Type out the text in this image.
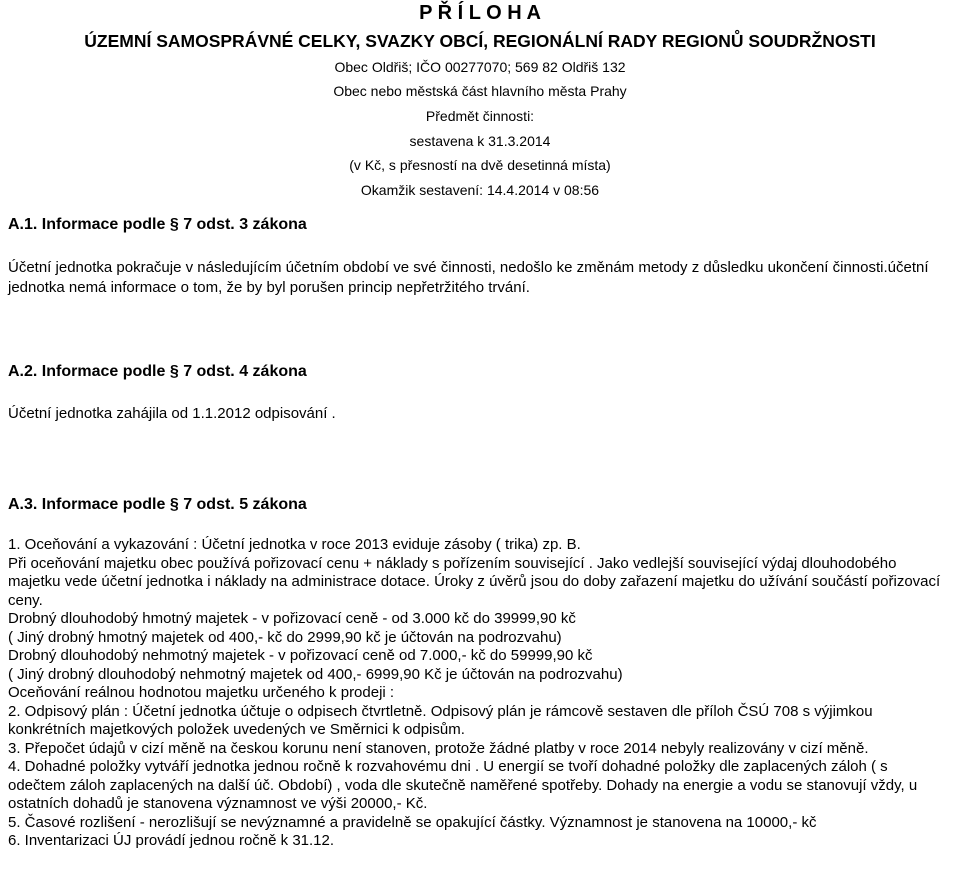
P Ř Í L O H A
ÚZEMNÍ SAMOSPRÁVNÉ CELKY, SVAZKY OBCÍ, REGIONÁLNÍ RADY REGIONŮ SOUDRŽNOSTI
Obec Oldřiš; IČO 00277070; 569 82 Oldřiš 132
Obec nebo městská část hlavního města Prahy
Předmět činnosti:
sestavena k 31.3.2014
(v Kč, s přesností na dvě desetinná místa)
Okamžik sestavení: 14.4.2014 v 08:56
A.1. Informace podle § 7 odst. 3 zákona
Účetní jednotka pokračuje v následujícím účetním období ve své činnosti, nedošlo ke změnám metody z důsledku ukončení činnosti.účetní jednotka nemá informace o tom, že by byl porušen princip nepřetržitého trvání.
A.2. Informace podle § 7 odst. 4 zákona
Účetní jednotka zahájila od 1.1.2012 odpisování .
A.3. Informace podle § 7 odst. 5 zákona
1. Oceňování a vykazování : Účetní jednotka v roce 2013 eviduje zásoby ( trika) zp. B.
Při oceňování majetku obec používá pořizovací cenu + náklady s pořízením související . Jako vedlejší související výdaj dlouhodobého majetku vede účetní jednotka i náklady na administrace dotace. Úroky z úvěrů jsou do doby zařazení majetku do užívání součástí pořizovací ceny.
Drobný dlouhodobý hmotný majetek - v pořizovací ceně - od 3.000 kč do 39999,90 kč
( Jiný drobný hmotný majetek od 400,- kč do 2999,90 kč je účtován na podrozvahu)
Drobný dlouhodobý nehmotný majetek - v pořizovací ceně od 7.000,- kč do 59999,90 kč
( Jiný drobný dlouhodobý nehmotný majetek od 400,- 6999,90 Kč je účtován na podrozvahu)
Oceňování reálnou hodnotou majetku určeného k prodeji :
2. Odpisový plán : Účetní jednotka účtuje o odpisech čtvrtletně. Odpisový plán je rámcově sestaven dle příloh ČSÚ 708 s výjimkou konkrétních majetkových položek uvedených ve Směrnici k odpisům.
3. Přepočet údajů v cizí měně na českou korunu není stanoven, protože žádné platby v roce 2014 nebyly realizovány v cizí měně.
4. Dohadné položky vytváří jednotka jednou ročně k rozvahovému dni . U energií se tvoří dohadné položky dle zaplacených záloh ( s odečtem záloh zaplacených na další úč. Období) , voda dle skutečně naměřené spotřeby. Dohady na energie a vodu se stanovují vždy, u ostatních dohadů je stanovena významnost ve výši 20000,- Kč.
5. Časové rozlišení - nerozlišují se nevýznamné a pravidelně se opakující částky. Významnost je stanovena na 10000,- kč
6. Inventarizaci ÚJ provádí jednou ročně k 31.12.
